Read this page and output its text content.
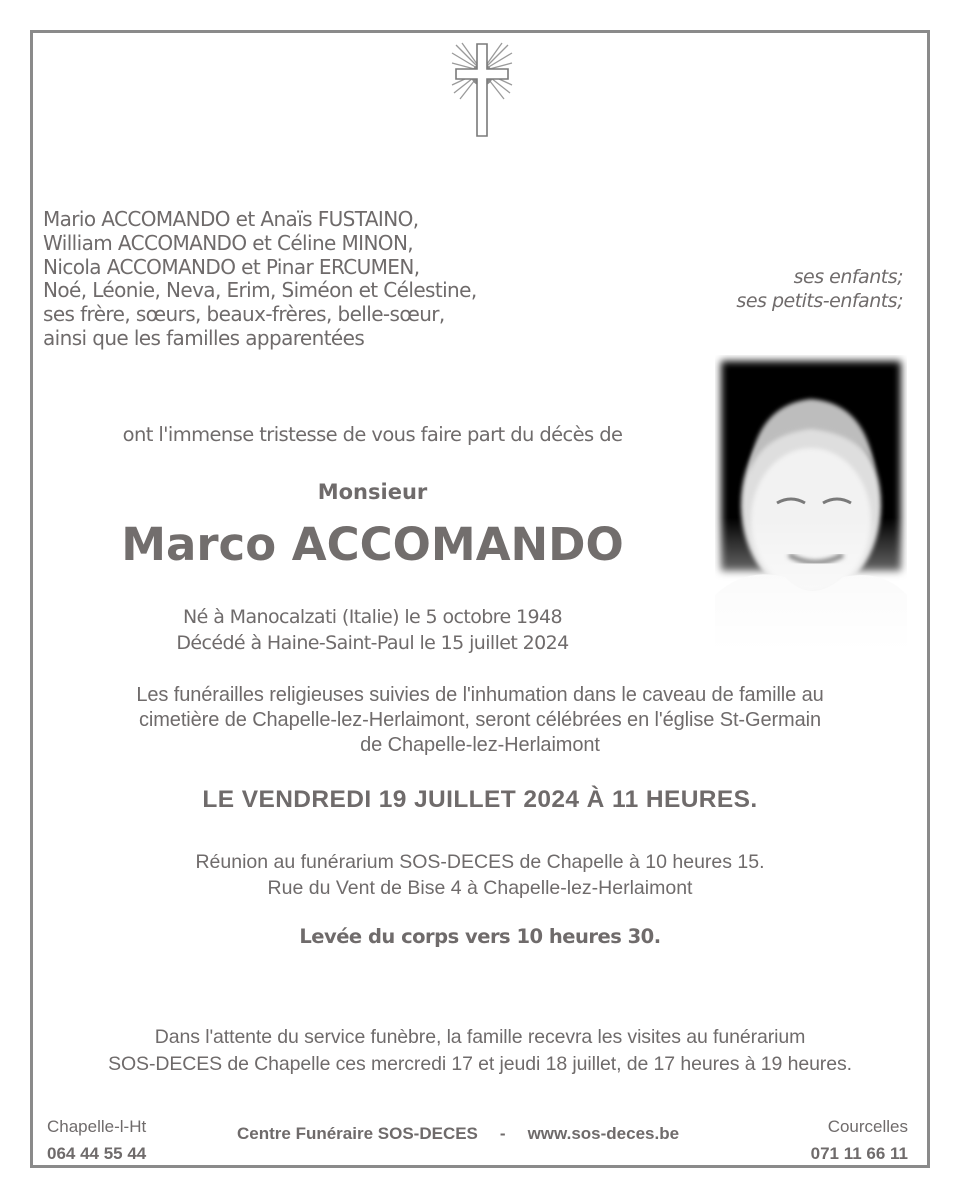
Mario ACCOMANDO et Anaïs FUSTAINO,
William ACCOMANDO et Céline MINON,
Nicola ACCOMANDO et Pinar ERCUMEN,
Noé, Léonie, Neva, Erim, Siméon et Célestine,
ses frère, sœurs, beaux-frères, belle-sœur,
ainsi que les familles apparentées
ses enfants;
ses petits-enfants;
ont l'immense tristesse de vous faire part du décès de
Monsieur
Marco ACCOMANDO
Né à Manocalzati (Italie) le 5 octobre 1948
Décédé à Haine-Saint-Paul le 15 juillet 2024
Les funérailles religieuses suivies de l'inhumation dans le caveau de famille au
cimetière de Chapelle-lez-Herlaimont, seront célébrées en l'église St-Germain
de Chapelle-lez-Herlaimont
LE VENDREDI 19 JUILLET 2024 À 11 HEURES.
Réunion au funérarium SOS-DECES de Chapelle à 10 heures 15.
Rue du Vent de Bise 4 à Chapelle-lez-Herlaimont
Levée du corps vers 10 heures 30.
Dans l'attente du service funèbre, la famille recevra les visites au funérarium
SOS-DECES de Chapelle ces mercredi 17 et jeudi 18 juillet, de 17 heures à 19 heures.
Chapelle-l-Ht
064 44 55 44
Centre Funéraire SOS-DECES - www.sos-deces.be	Courcelles
071 11 66 11
